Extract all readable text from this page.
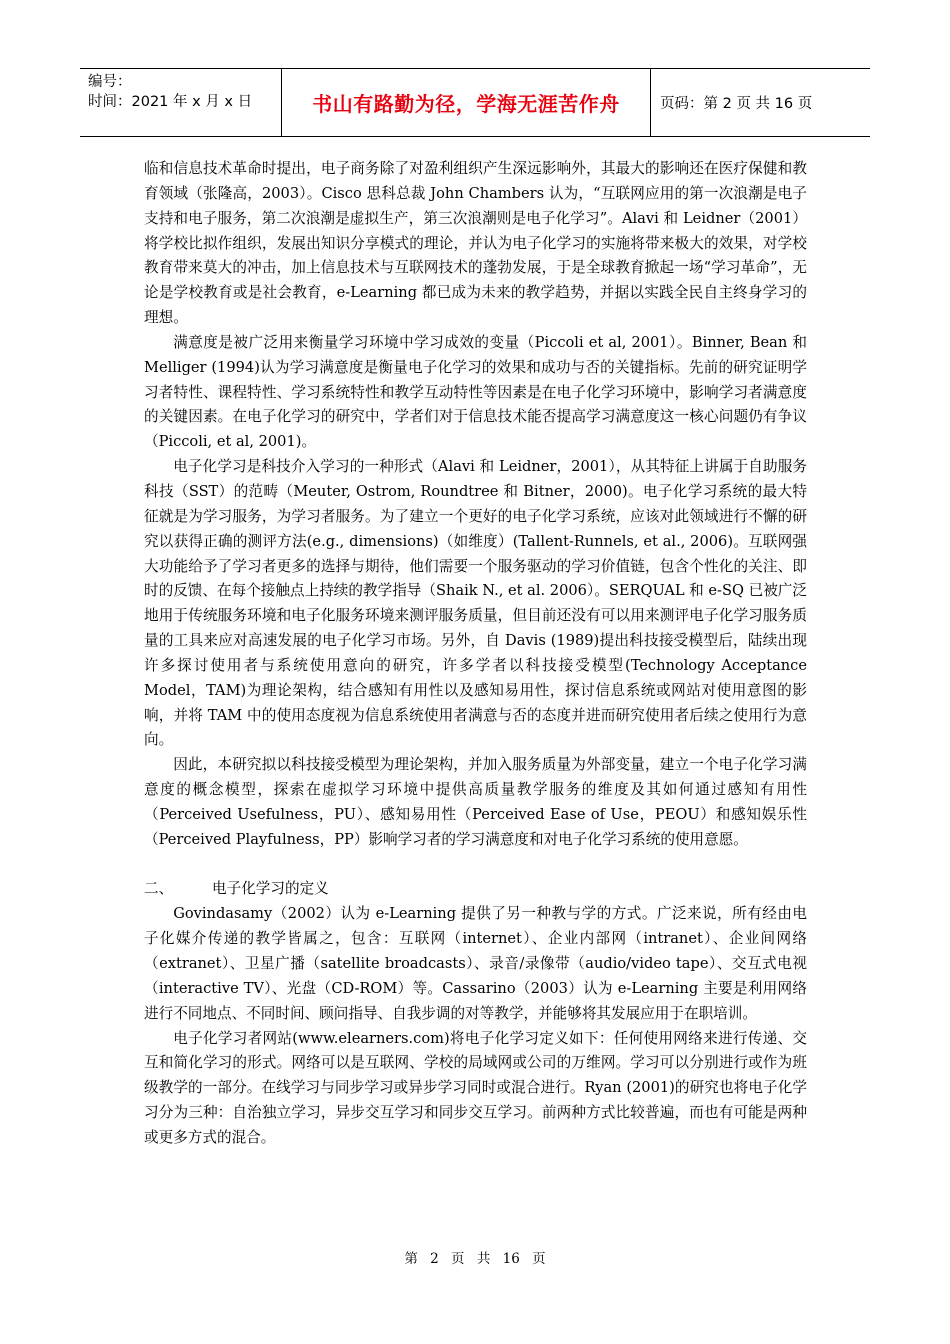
编号：
时间：2021 年 x 月 x 日	书山有路勤为径，学海无涯苦作舟	页码：第 2 页 共 16 页

临和信息技术革命时提出，电子商务除了对盈利组织产生深远影响外，其最大的影响还在医疗保健和教育领域（张隆高，2003）。Cisco 思科总裁 John Chambers 认为，“互联网应用的第一次浪潮是电子支持和电子服务，第二次浪潮是虚拟生产，第三次浪潮则是电子化学习”。Alavi 和 Leidner（2001）将学校比拟作组织，发展出知识分享模式的理论，并认为电子化学习的实施将带来极大的效果，对学校教育带来莫大的冲击，加上信息技术与互联网技术的蓬勃发展，于是全球教育掀起一场“学习革命”，无论是学校教育或是社会教育，e-Learning 都已成为未来的教学趋势，并据以实践全民自主终身学习的理想。

满意度是被广泛用来衡量学习环境中学习成效的变量（Piccoli et al, 2001）。Binner, Bean 和 Melliger (1994)认为学习满意度是衡量电子化学习的效果和成功与否的关键指标。先前的研究证明学习者特性、课程特性、学习系统特性和教学互动特性等因素是在电子化学习环境中，影响学习者满意度的关键因素。在电子化学习的研究中，学者们对于信息技术能否提高学习满意度这一核心问题仍有争议（Piccoli, et al, 2001)。

电子化学习是科技介入学习的一种形式（Alavi 和 Leidner，2001），从其特征上讲属于自助服务科技（SST）的范畴（Meuter, Ostrom, Roundtree 和 Bitner，2000)。电子化学习系统的最大特征就是为学习服务，为学习者服务。为了建立一个更好的电子化学习系统，应该对此领域进行不懈的研究以获得正确的测评方法(e.g., dimensions)（如维度）(Tallent-Runnels, et al., 2006)。互联网强大功能给予了学习者更多的选择与期待，他们需要一个服务驱动的学习价值链，包含个性化的关注、即时的反馈、在每个接触点上持续的教学指导（Shaik N., et al. 2006）。SERQUAL 和 e-SQ 已被广泛地用于传统服务环境和电子化服务环境来测评服务质量，但目前还没有可以用来测评电子化学习服务质量的工具来应对高速发展的电子化学习市场。另外，自 Davis (1989)提出科技接受模型后，陆续出现许多探讨使用者与系统使用意向的研究，许多学者以科技接受模型(Technology Acceptance Model，TAM)为理论架构，结合感知有用性以及感知易用性，探讨信息系统或网站对使用意图的影响，并将 TAM 中的使用态度视为信息系统使用者满意与否的态度并进而研究使用者后续之使用行为意向。

因此，本研究拟以科技接受模型为理论架构，并加入服务质量为外部变量，建立一个电子化学习满意度的概念模型，探索在虚拟学习环境中提供高质量教学服务的维度及其如何通过感知有用性（Perceived Usefulness，PU）、感知易用性（Perceived Ease of Use，PEOU）和感知娱乐性（Perceived Playfulness，PP）影响学习者的学习满意度和对电子化学习系统的使用意愿。

二、	电子化学习的定义

Govindasamy（2002）认为 e-Learning 提供了另一种教与学的方式。广泛来说，所有经由电子化媒介传递的教学皆属之，包含：互联网（internet）、企业内部网（intranet）、企业间网络（extranet）、卫星广播（satellite broadcasts）、录音/录像带（audio/video tape）、交互式电视（interactive TV）、光盘（CD-ROM）等。Cassarino（2003）认为 e-Learning 主要是利用网络进行不同地点、不同时间、顾问指导、自我步调的对等教学，并能够将其发展应用于在职培训。

电子化学习者网站(www.elearners.com)将电子化学习定义如下：任何使用网络来进行传递、交互和简化学习的形式。网络可以是互联网、学校的局域网或公司的万维网。学习可以分别进行或作为班级教学的一部分。在线学习与同步学习或异步学习同时或混合进行。Ryan (2001)的研究也将电子化学习分为三种：自治独立学习，异步交互学习和同步交互学习。前两种方式比较普遍，而也有可能是两种或更多方式的混合。

第 2 页 共 16 页
